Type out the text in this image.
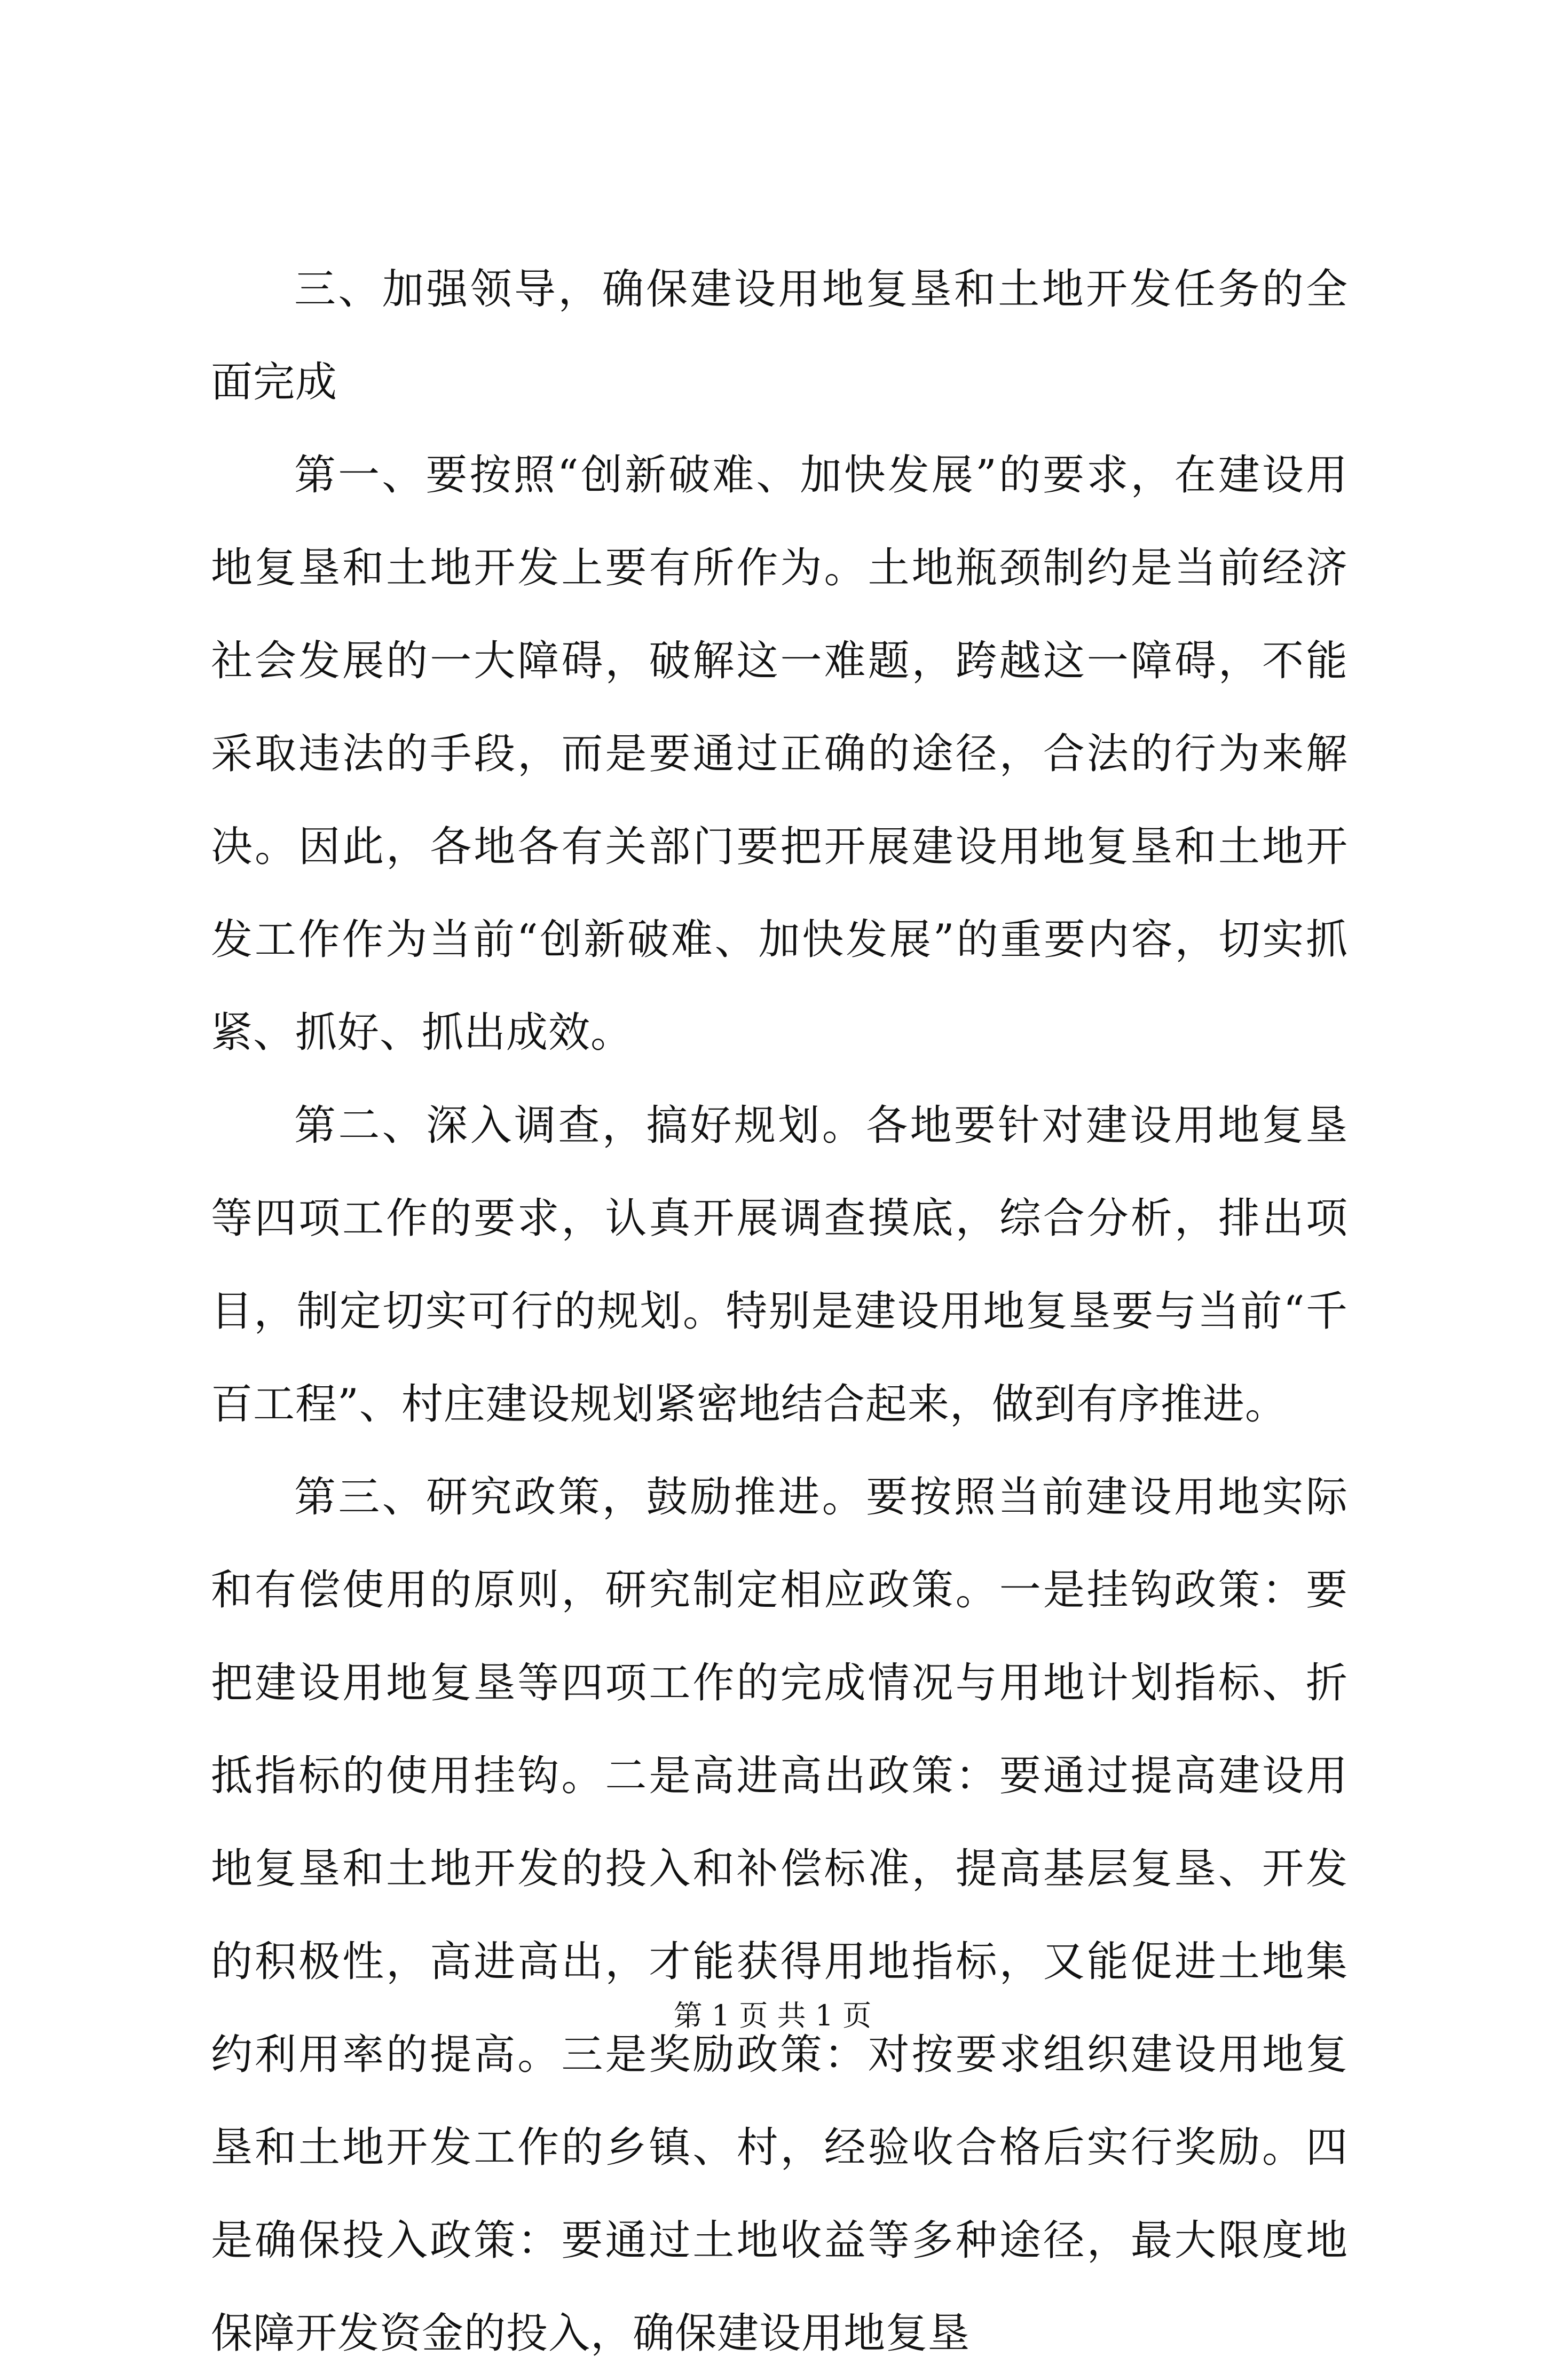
三、加强领导，确保建设用地复垦和土地开发任务的全面完成

第一、要按照“创新破难、加快发展”的要求，在建设用地复垦和土地开发上要有所作为。土地瓶颈制约是当前经济社会发展的一大障碍，破解这一难题，跨越这一障碍，不能采取违法的手段，而是要通过正确的途径，合法的行为来解决。因此，各地各有关部门要把开展建设用地复垦和土地开发工作作为当前“创新破难、加快发展”的重要内容，切实抓紧、抓好、抓出成效。

第二、深入调查，搞好规划。各地要针对建设用地复垦等四项工作的要求，认真开展调查摸底，综合分析，排出项目，制定切实可行的规划。特别是建设用地复垦要与当前“千百工程”、村庄建设规划紧密地结合起来，做到有序推进。

第三、研究政策，鼓励推进。要按照当前建设用地实际和有偿使用的原则，研究制定相应政策。一是挂钩政策：要把建设用地复垦等四项工作的完成情况与用地计划指标、折抵指标的使用挂钩。二是高进高出政策：要通过提高建设用地复垦和土地开发的投入和补偿标准，提高基层复垦、开发的积极性，高进高出，才能获得用地指标，又能促进土地集约利用率的提高。三是奖励政策：对按要求组织建设用地复垦和土地开发工作的乡镇、村，经验收合格后实行奖励。四是确保投入政策：要通过土地收益等多种途径，最大限度地保障开发资金的投入，确保建设用地复垦

第 1 页 共 1 页
